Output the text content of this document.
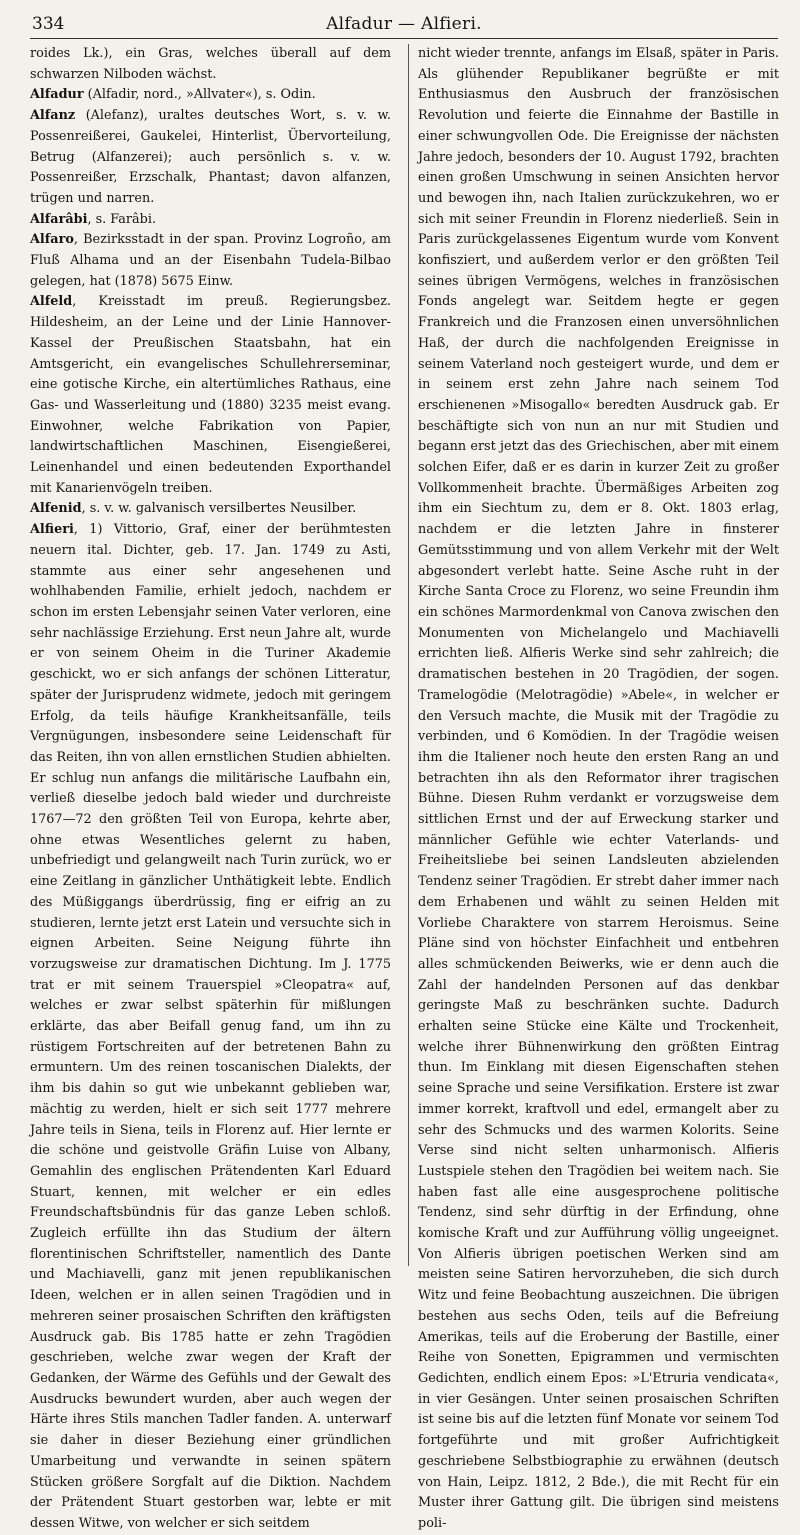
334	Alfadur — Alfieri.

roides Lk.), ein Gras, welches überall auf dem schwarzen Nilboden wächst.

Alfadur (Alfadir, nord., »Allvater«), s. Odin.

Alfanz (Alefanz), uraltes deutsches Wort, s. v. w. Possenreißerei, Gaukelei, Hinterlist, Übervorteilung, Betrug (Alfanzerei); auch persönlich s. v. w. Possenreißer, Erzschalk, Phantast; davon alfanzen, trügen und narren.

Alfarâbi, s. Farâbi.

Alfaro, Bezirksstadt in der span. Provinz Logroño, am Fluß Alhama und an der Eisenbahn Tudela-Bilbao gelegen, hat (1878) 5675 Einw.

Alfeld, Kreisstadt im preuß. Regierungsbez. Hildesheim, an der Leine und der Linie Hannover-Kassel der Preußischen Staatsbahn, hat ein Amtsgericht, ein evangelisches Schullehrerseminar, eine gotische Kirche, ein altertümliches Rathaus, eine Gas- und Wasserleitung und (1880) 3235 meist evang. Einwohner, welche Fabrikation von Papier, landwirtschaftlichen Maschinen, Eisengießerei, Leinenhandel und einen bedeutenden Exporthandel mit Kanarienvögeln treiben.

Alfenid, s. v. w. galvanisch versilbertes Neusilber.

Alfieri, 1) Vittorio, Graf, einer der berühmtesten neuern ital. Dichter, geb. 17. Jan. 1749 zu Asti, stammte aus einer sehr angesehenen und wohlhabenden Familie, erhielt jedoch, nachdem er schon im ersten Lebensjahr seinen Vater verloren, eine sehr nachlässige Erziehung. Erst neun Jahre alt, wurde er von seinem Oheim in die Turiner Akademie geschickt, wo er sich anfangs der schönen Litteratur, später der Jurisprudenz widmete, jedoch mit geringem Erfolg, da teils häufige Krankheitsanfälle, teils Vergnügungen, insbesondere seine Leidenschaft für das Reiten, ihn von allen ernstlichen Studien abhielten. Er schlug nun anfangs die militärische Laufbahn ein, verließ dieselbe jedoch bald wieder und durchreiste 1767—72 den größten Teil von Europa, kehrte aber, ohne etwas Wesentliches gelernt zu haben, unbefriedigt und gelangweilt nach Turin zurück, wo er eine Zeitlang in gänzlicher Unthätigkeit lebte. Endlich des Müßiggangs überdrüssig, fing er eifrig an zu studieren, lernte jetzt erst Latein und versuchte sich in eignen Arbeiten. Seine Neigung führte ihn vorzugsweise zur dramatischen Dichtung. Im J. 1775 trat er mit seinem Trauerspiel »Cleopatra« auf, welches er zwar selbst späterhin für mißlungen erklärte, das aber Beifall genug fand, um ihn zu rüstigem Fortschreiten auf der betretenen Bahn zu ermuntern. Um des reinen toscanischen Dialekts, der ihm bis dahin so gut wie unbekannt geblieben war, mächtig zu werden, hielt er sich seit 1777 mehrere Jahre teils in Siena, teils in Florenz auf. Hier lernte er die schöne und geistvolle Gräfin Luise von Albany, Gemahlin des englischen Prätendenten Karl Eduard Stuart, kennen, mit welcher er ein edles Freundschaftsbündnis für das ganze Leben schloß. Zugleich erfüllte ihn das Studium der ältern florentinischen Schriftsteller, namentlich des Dante und Machiavelli, ganz mit jenen republikanischen Ideen, welchen er in allen seinen Tragödien und in mehreren seiner prosaischen Schriften den kräftigsten Ausdruck gab. Bis 1785 hatte er zehn Tragödien geschrieben, welche zwar wegen der Kraft der Gedanken, der Wärme des Gefühls und der Gewalt des Ausdrucks bewundert wurden, aber auch wegen der Härte ihres Stils manchen Tadler fanden. A. unterwarf sie daher in dieser Beziehung einer gründlichen Umarbeitung und verwandte in seinen spätern Stücken größere Sorgfalt auf die Diktion. Nachdem der Prätendent Stuart gestorben war, lebte er mit dessen Witwe, von welcher er sich seitdem

nicht wieder trennte, anfangs im Elsaß, später in Paris. Als glühender Republikaner begrüßte er mit Enthusiasmus den Ausbruch der französischen Revolution und feierte die Einnahme der Bastille in einer schwungvollen Ode. Die Ereignisse der nächsten Jahre jedoch, besonders der 10. August 1792, brachten einen großen Umschwung in seinen Ansichten hervor und bewogen ihn, nach Italien zurückzukehren, wo er sich mit seiner Freundin in Florenz niederließ. Sein in Paris zurückgelassenes Eigentum wurde vom Konvent konfisziert, und außerdem verlor er den größten Teil seines übrigen Vermögens, welches in französischen Fonds angelegt war. Seitdem hegte er gegen Frankreich und die Franzosen einen unversöhnlichen Haß, der durch die nachfolgenden Ereignisse in seinem Vaterland noch gesteigert wurde, und dem er in seinem erst zehn Jahre nach seinem Tod erschienenen »Misogallo« beredten Ausdruck gab. Er beschäftigte sich von nun an nur mit Studien und begann erst jetzt das des Griechischen, aber mit einem solchen Eifer, daß er es darin in kurzer Zeit zu großer Vollkommenheit brachte. Übermäßiges Arbeiten zog ihm ein Siechtum zu, dem er 8. Okt. 1803 erlag, nachdem er die letzten Jahre in finsterer Gemütsstimmung und von allem Verkehr mit der Welt abgesondert verlebt hatte. Seine Asche ruht in der Kirche Santa Croce zu Florenz, wo seine Freundin ihm ein schönes Marmordenkmal von Canova zwischen den Monumenten von Michelangelo und Machiavelli errichten ließ. Alfieris Werke sind sehr zahlreich; die dramatischen bestehen in 20 Tragödien, der sogen. Tramelogödie (Melotragödie) »Abele«, in welcher er den Versuch machte, die Musik mit der Tragödie zu verbinden, und 6 Komödien. In der Tragödie weisen ihm die Italiener noch heute den ersten Rang an und betrachten ihn als den Reformator ihrer tragischen Bühne. Diesen Ruhm verdankt er vorzugsweise dem sittlichen Ernst und der auf Erweckung starker und männlicher Gefühle wie echter Vaterlands- und Freiheitsliebe bei seinen Landsleuten abzielenden Tendenz seiner Tragödien. Er strebt daher immer nach dem Erhabenen und wählt zu seinen Helden mit Vorliebe Charaktere von starrem Heroismus. Seine Pläne sind von höchster Einfachheit und entbehren alles schmückenden Beiwerks, wie er denn auch die Zahl der handelnden Personen auf das denkbar geringste Maß zu beschränken suchte. Dadurch erhalten seine Stücke eine Kälte und Trockenheit, welche ihrer Bühnenwirkung den größten Eintrag thun. Im Einklang mit diesen Eigenschaften stehen seine Sprache und seine Versifikation. Erstere ist zwar immer korrekt, kraftvoll und edel, ermangelt aber zu sehr des Schmucks und des warmen Kolorits. Seine Verse sind nicht selten unharmonisch. Alfieris Lustspiele stehen den Tragödien bei weitem nach. Sie haben fast alle eine ausgesprochene politische Tendenz, sind sehr dürftig in der Erfindung, ohne komische Kraft und zur Aufführung völlig ungeeignet. Von Alfieris übrigen poetischen Werken sind am meisten seine Satiren hervorzuheben, die sich durch Witz und feine Beobachtung auszeichnen. Die übrigen bestehen aus sechs Oden, teils auf die Befreiung Amerikas, teils auf die Eroberung der Bastille, einer Reihe von Sonetten, Epigrammen und vermischten Gedichten, endlich einem Epos: »L'Etruria vendicata«, in vier Gesängen. Unter seinen prosaischen Schriften ist seine bis auf die letzten fünf Monate vor seinem Tod fortgeführte und mit großer Aufrichtigkeit geschriebene Selbstbiographie zu erwähnen (deutsch von Hain, Leipz. 1812, 2 Bde.), die mit Recht für ein Muster ihrer Gattung gilt. Die übrigen sind meistens poli-
